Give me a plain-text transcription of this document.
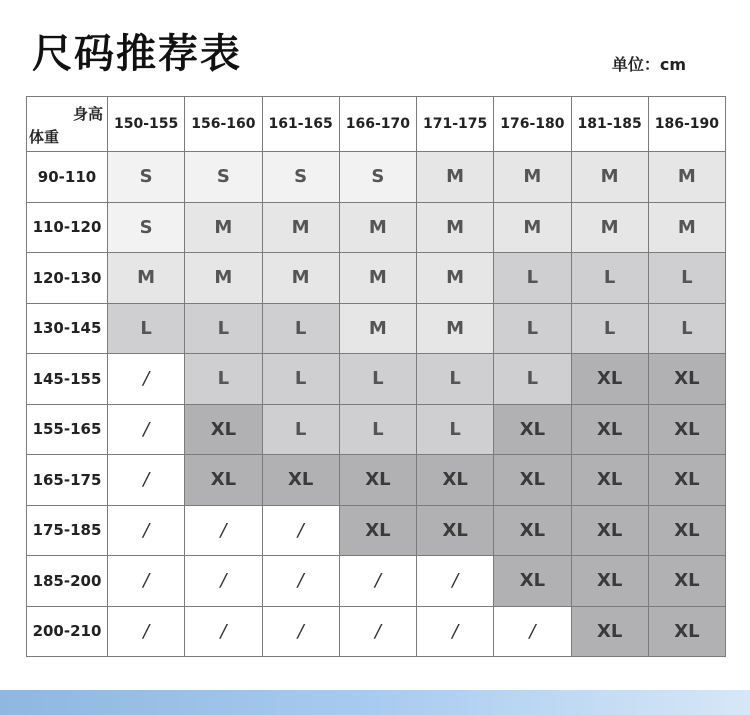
尺码推荐表	单位：cm
身高
体重	150-155	156-160	161-165	166-170	171-175	176-180	181-185	186-190
90-110	S	S	S	S	M	M	M	M
110-120	S	M	M	M	M	M	M	M
120-130	M	M	M	M	M	L	L	L
130-145	L	L	L	M	M	L	L	L
145-155	/	L	L	L	L	L	XL	XL
155-165	/	XL	L	L	L	XL	XL	XL
165-175	/	XL	XL	XL	XL	XL	XL	XL
175-185	/	/	/	XL	XL	XL	XL	XL
185-200	/	/	/	/	/	XL	XL	XL
200-210	/	/	/	/	/	/	XL	XL
